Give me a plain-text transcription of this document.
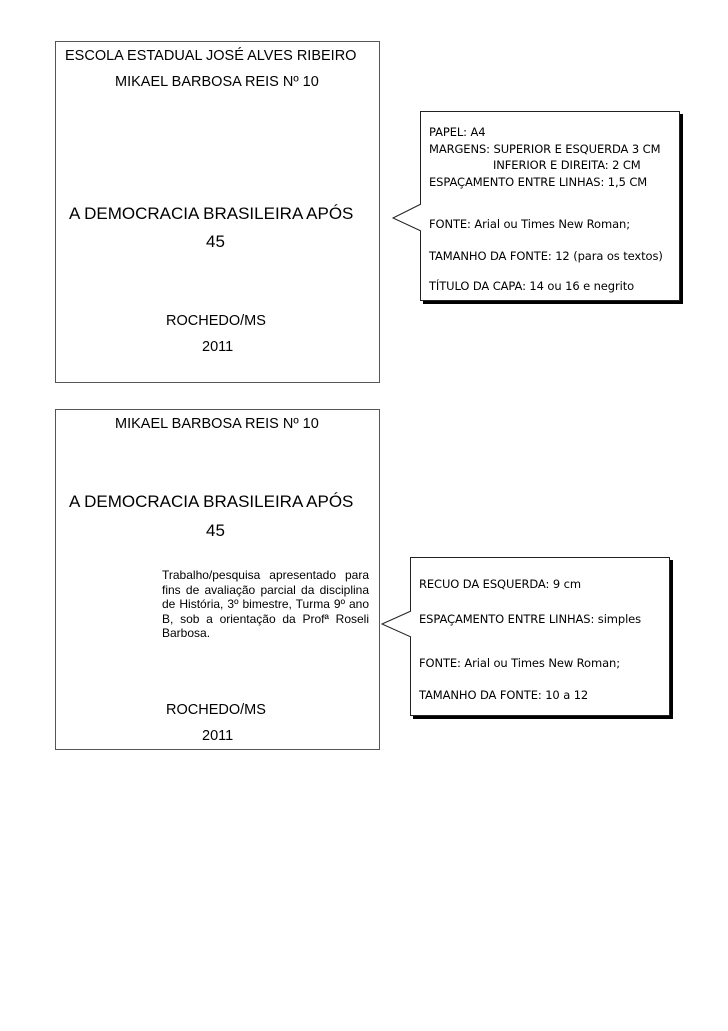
ESCOLA ESTADUAL JOSÉ ALVES RIBEIRO
MIKAEL BARBOSA REIS Nº 10
A DEMOCRACIA BRASILEIRA APÓS
45
ROCHEDO/MS
2011
PAPEL: A4
MARGENS: SUPERIOR E ESQUERDA 3 CM
INFERIOR E DIREITA: 2 CM
ESPAÇAMENTO ENTRE LINHAS: 1,5 CM
FONTE: Arial ou Times New Roman;
TAMANHO DA FONTE: 12 (para os textos)
TÍTULO DA CAPA: 14 ou 16 e negrito
MIKAEL BARBOSA REIS Nº 10
A DEMOCRACIA BRASILEIRA APÓS
45
Trabalho/pesquisa apresentado para fins de avaliação parcial da disciplina de História, 3º bimestre, Turma 9º ano B, sob a orientação da Profª Roseli Barbosa.
ROCHEDO/MS
2011
RECUO DA ESQUERDA: 9 cm
ESPAÇAMENTO ENTRE LINHAS: simples
FONTE: Arial ou Times New Roman;
TAMANHO DA FONTE: 10 a 12
